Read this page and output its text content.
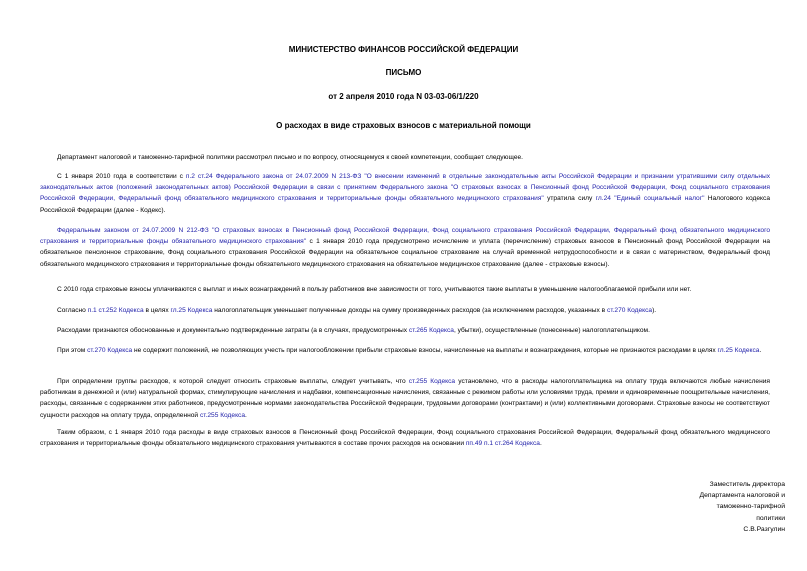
МИНИСТЕРСТВО ФИНАНСОВ РОССИЙСКОЙ ФЕДЕРАЦИИ
ПИСЬМО
от 2 апреля 2010 года N 03-03-06/1/220
О расходах в виде страховых взносов с материальной помощи
Департамент налоговой и таможенно-тарифной политики рассмотрел письмо и по вопросу, относящемуся к своей компетенции, сообщает следующее.
С 1 января 2010 года в соответствии с п.2 ст.24 Федерального закона от 24.07.2009 N 213-ФЗ "О внесении изменений в отдельные законодательные акты Российской Федерации и признании утратившими силу отдельных законодательных актов (положений законодательных актов) Российской Федерации в связи с принятием Федерального закона "О страховых взносах в Пенсионный фонд Российской Федерации, Фонд социального страхования Российской Федерации, Федеральный фонд обязательного медицинского страхования и территориальные фонды обязательного медицинского страхования" утратила силу гл.24 "Единый социальный налог" Налогового кодекса Российской Федерации (далее - Кодекс).
Федеральным законом от 24.07.2009 N 212-ФЗ "О страховых взносах в Пенсионный фонд Российской Федерации, Фонд социального страхования Российской Федерации, Федеральный фонд обязательного медицинского страхования и территориальные фонды обязательного медицинского страхования" с 1 января 2010 года предусмотрено исчисление и уплата (перечисление) страховых взносов в Пенсионный фонд Российской Федерации на обязательное пенсионное страхование, Фонд социального страхования Российской Федерации на обязательное социальное страхование на случай временной нетрудоспособности и в связи с материнством, Федеральный фонд обязательного медицинского страхования и территориальные фонды обязательного медицинского страхования на обязательное медицинское страхование (далее - страховые взносы).
С 2010 года страховые взносы уплачиваются с выплат и иных вознаграждений в пользу работников вне зависимости от того, учитываются такие выплаты в уменьшение налогооблагаемой прибыли или нет.
Согласно п.1 ст.252 Кодекса в целях гл.25 Кодекса налогоплательщик уменьшает полученные доходы на сумму произведенных расходов (за исключением расходов, указанных в ст.270 Кодекса).
Расходами признаются обоснованные и документально подтвержденные затраты (а в случаях, предусмотренных ст.265 Кодекса, убытки), осуществленные (понесенные) налогоплательщиком.
При этом ст.270 Кодекса не содержит положений, не позволяющих учесть при налогообложении прибыли страховые взносы, начисленные на выплаты и вознаграждения, которые не признаются расходами в целях гл.25 Кодекса.
При определении группы расходов, к которой следует относить страховые выплаты, следует учитывать, что ст.255 Кодекса установлено, что в расходы налогоплательщика на оплату труда включаются любые начисления работникам в денежной и (или) натуральной формах, стимулирующие начисления и надбавки, компенсационные начисления, связанные с режимом работы или условиями труда, премии и единовременные поощрительные начисления, расходы, связанные с содержанием этих работников, предусмотренные нормами законодательства Российской Федерации, трудовыми договорами (контрактами) и (или) коллективными договорами. Страховые взносы не соответствуют сущности расходов на оплату труда, определенной ст.255 Кодекса.
Таким образом, с 1 января 2010 года расходы в виде страховых взносов в Пенсионный фонд Российской Федерации, Фонд социального страхования Российской Федерации, Федеральный фонд обязательного медицинского страхования и территориальные фонды обязательного медицинского страхования учитываются в составе прочих расходов на основании пп.49 п.1 ст.264 Кодекса.
Заместитель директора
Департамента налоговой и
таможенно-тарифной
политики
С.В.Разгулин
